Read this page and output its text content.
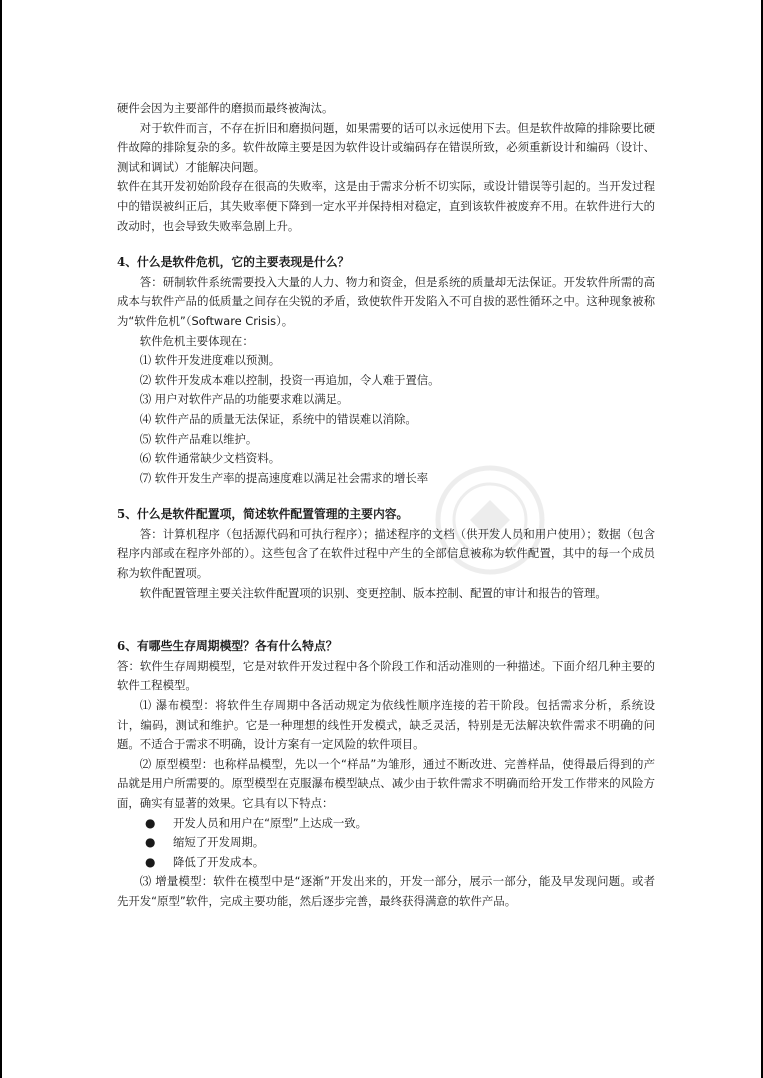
硬件会因为主要部件的磨损而最终被淘汰。

对于软件而言，不存在折旧和磨损问题，如果需要的话可以永远使用下去。但是软件故障的排除要比硬件故障的排除复杂的多。软件故障主要是因为软件设计或编码存在错误所致，必须重新设计和编码（设计、测试和调试）才能解决问题。

软件在其开发初始阶段存在很高的失败率，这是由于需求分析不切实际，或设计错误等引起的。当开发过程中的错误被纠正后，其失败率便下降到一定水平并保持相对稳定，直到该软件被废弃不用。在软件进行大的改动时，也会导致失败率急剧上升。

4、什么是软件危机，它的主要表现是什么？

答：研制软件系统需要投入大量的人力、物力和资金，但是系统的质量却无法保证。开发软件所需的高成本与软件产品的低质量之间存在尖锐的矛盾，致使软件开发陷入不可自拔的恶性循环之中。这种现象被称为“软件危机”（Software Crisis）。

软件危机主要体现在：

⑴ 软件开发进度难以预测。

⑵ 软件开发成本难以控制，投资一再追加，令人难于置信。

⑶ 用户对软件产品的功能要求难以满足。

⑷ 软件产品的质量无法保证，系统中的错误难以消除。

⑸ 软件产品难以维护。

⑹ 软件通常缺少文档资料。

⑺ 软件开发生产率的提高速度难以满足社会需求的增长率

5、什么是软件配置项，简述软件配置管理的主要内容。

答：计算机程序（包括源代码和可执行程序）；描述程序的文档（供开发人员和用户使用）；数据（包含程序内部或在程序外部的）。这些包含了在软件过程中产生的全部信息被称为软件配置，其中的每一个成员称为软件配置项。

软件配置管理主要关注软件配置项的识别、变更控制、版本控制、配置的审计和报告的管理。

6、有哪些生存周期模型？各有什么特点？

答：软件生存周期模型，它是对软件开发过程中各个阶段工作和活动准则的一种描述。下面介绍几种主要的软件工程模型。

⑴ 瀑布模型：将软件生存周期中各活动规定为依线性顺序连接的若干阶段。包括需求分析，系统设计，编码，测试和维护。它是一种理想的线性开发模式，缺乏灵活，特别是无法解决软件需求不明确的问题。不适合于需求不明确，设计方案有一定风险的软件项目。

⑵ 原型模型：也称样品模型，先以一个“样品”为雏形，通过不断改进、完善样品，使得最后得到的产品就是用户所需要的。原型模型在克服瀑布模型缺点、减少由于软件需求不明确而给开发工作带来的风险方面，确实有显著的效果。它具有以下特点：

●	开发人员和用户在“原型”上达成一致。
●	缩短了开发周期。
●	降低了开发成本。

⑶ 增量模型：软件在模型中是“逐渐”开发出来的，开发一部分，展示一部分，能及早发现问题。或者先开发“原型”软件，完成主要功能，然后逐步完善，最终获得满意的软件产品。
